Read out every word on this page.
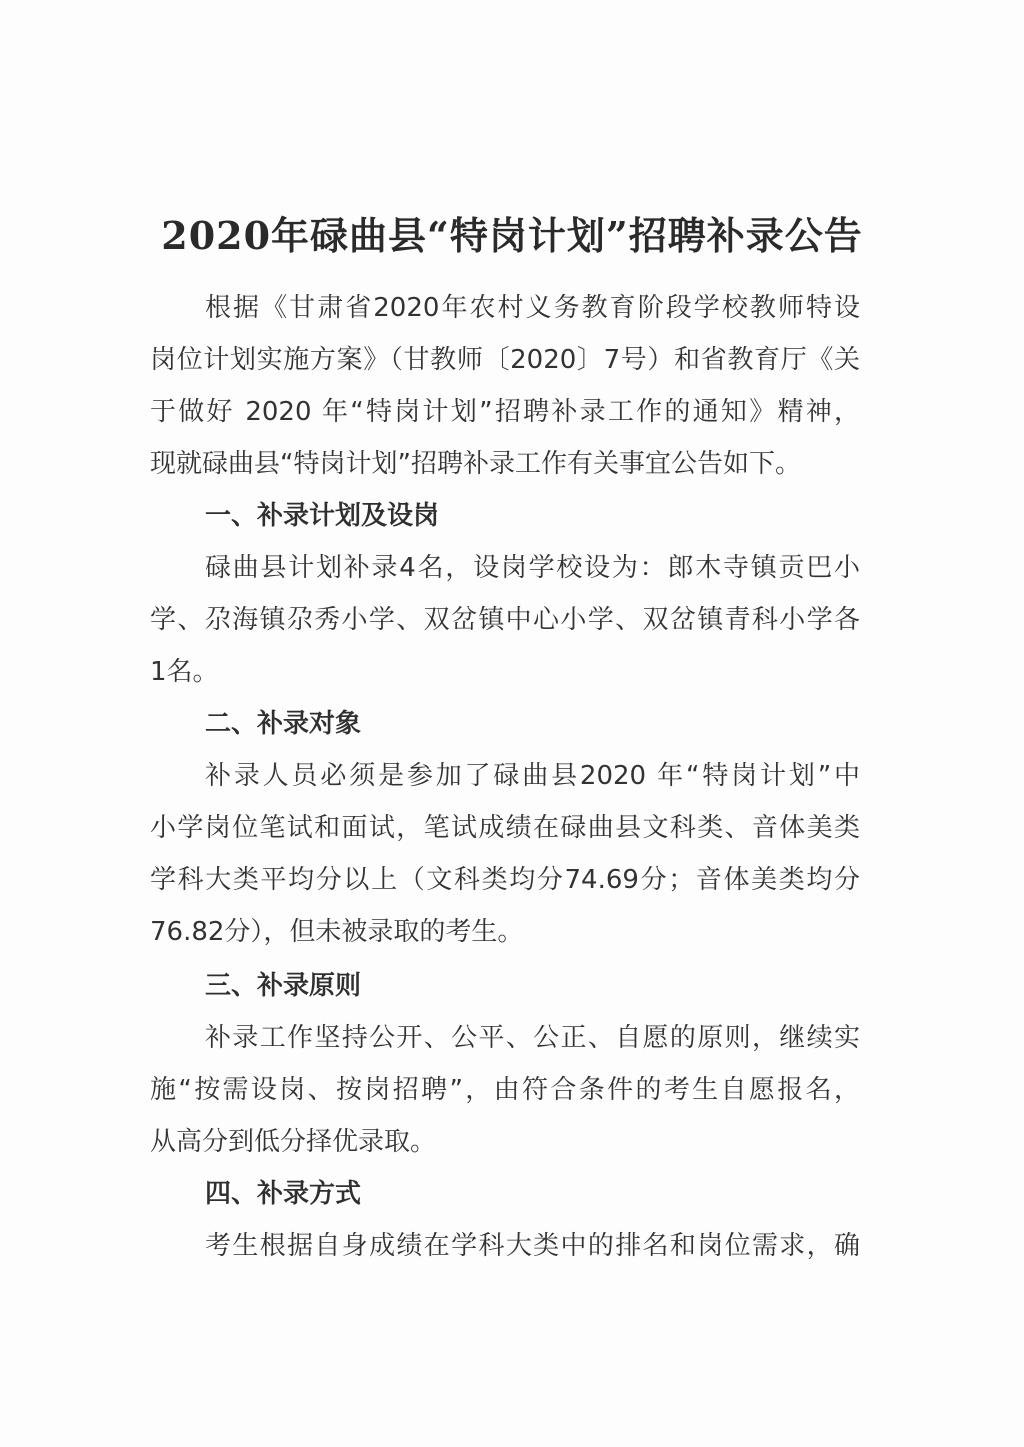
2020年碌曲县“特岗计划”招聘补录公告
根据《甘肃省2020年农村义务教育阶段学校教师特设
岗位计划实施方案》（甘教师〔2020〕7号）和省教育厅《关
于做好 2020 年“特岗计划”招聘补录工作的通知》精神，
现就碌曲县“特岗计划”招聘补录工作有关事宜公告如下。
一、补录计划及设岗
碌曲县计划补录4名，设岗学校设为：郎木寺镇贡巴小
学、尕海镇尕秀小学、双岔镇中心小学、双岔镇青科小学各
1名。
二、补录对象
补录人员必须是参加了碌曲县2020 年“特岗计划”中
小学岗位笔试和面试，笔试成绩在碌曲县文科类、音体美类
学科大类平均分以上（文科类均分74.69分；音体美类均分
76.82分），但未被录取的考生。
三、补录原则
补录工作坚持公开、公平、公正、自愿的原则，继续实
施“按需设岗、按岗招聘”，由符合条件的考生自愿报名，
从高分到低分择优录取。
四、补录方式
考生根据自身成绩在学科大类中的排名和岗位需求，确
